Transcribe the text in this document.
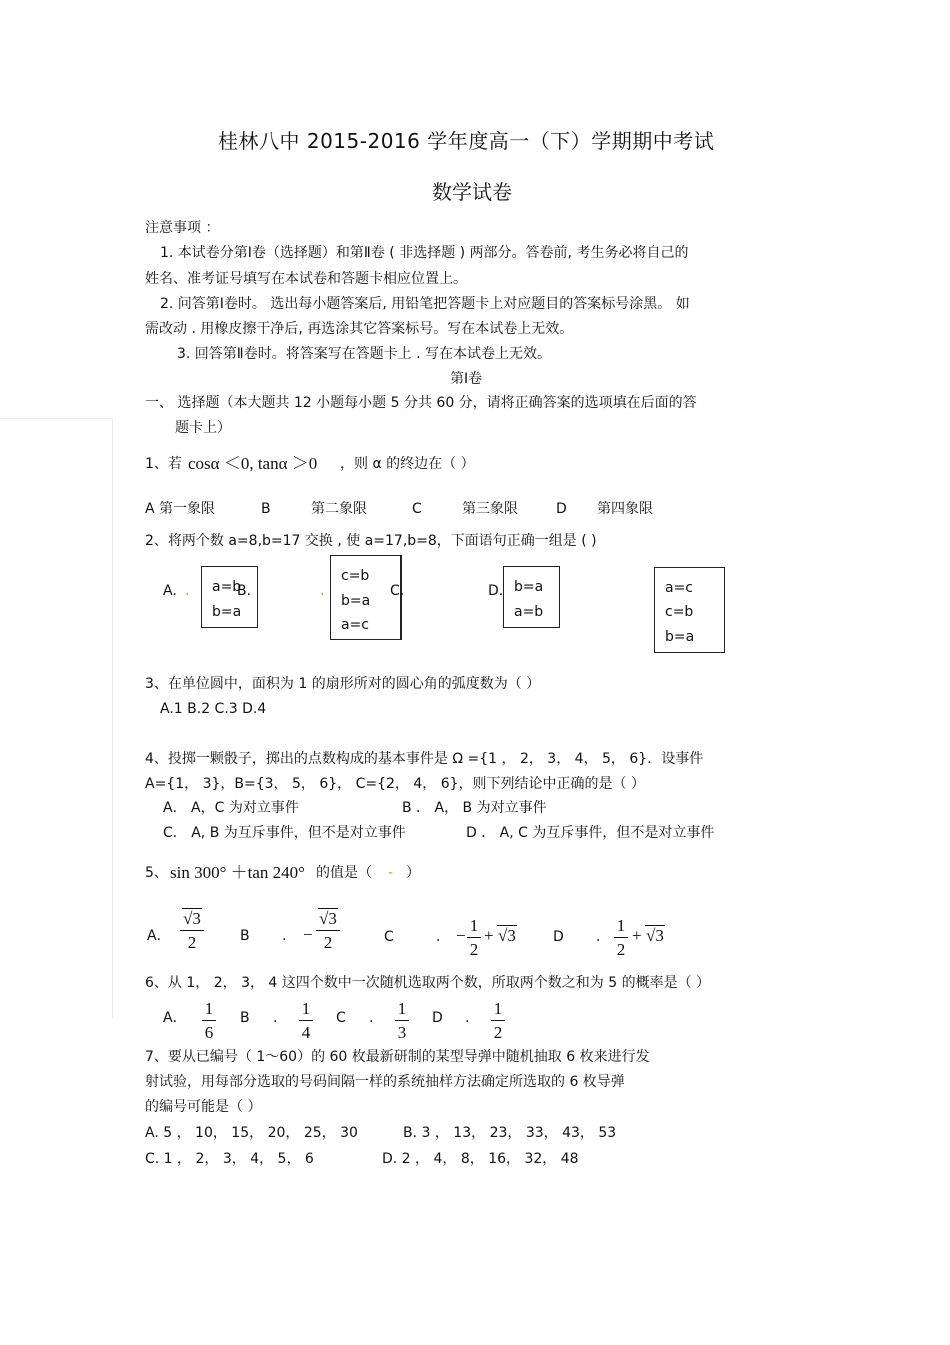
桂林八中 2015-2016 学年度高一（下）学期期中考试
数学试卷
注意事项 ：
1. 本试卷分第Ⅰ卷（选择题）和第Ⅱ卷 ( 非选择题 ) 两部分。答卷前, 考生务必将自己的
姓名、准考证号填写在本试卷和答题卡相应位置上。
2. 问答第Ⅰ卷时。 选出每小题答案后, 用铅笔把答题卡上对应题目的答案标号涂黑。 如
需改动 . 用橡皮擦干净后, 再选涂其它答案标号。写在本试卷上无效。
3. 回答第Ⅱ卷时。将答案写在答题卡上 . 写在本试卷上无效。
第Ⅰ卷
一、 选择题（本大题共 12 小题每小题 5 分共 60 分，请将正确答案的选项填在后面的答
题卡上）
1、若 cosα ＜0, tanα ＞0 ，则 α 的终边在（ ）
A 第一象限	B	第二象限	C	第三象限	D 第四象限
2、将两个数 a=8,b=17 交换 , 使 a=17,b=8，下面语句正确一组是 ( )
A. . a=b
b=a
B.	.
c=b
b=a
a=c
C.	D. b=a
a=b
a=c
c=b
b=a
3、在单位圆中，面积为 1 的扇形所对的圆心角的弧度数为（ ）
A.1 B.2 C.3 D.4
4、投掷一颗骰子，掷出的点数构成的基本事件是 Ω ={1 ， 2， 3， 4， 5， 6}．设事件
A={1， 3}，B={3， 5， 6}， C={2， 4， 6}，则下列结论中正确的是（ ）
A． A，C 为对立事件	B ． A， B 为对立事件
C． A, B 为互斥事件，但不是对立事件	D ． A, C 为互斥事件，但不是对立事件
5、 sin 300° ＋tan 240° 的值是（ - ）
A．
√3
2	B . −
√3
2	C	. −
1
2
+ √3	D .
1
2
+ √3
6、从 1， 2， 3， 4 这四个数中一次随机选取两个数，所取两个数之和为 5 的概率是（ ）
A． 1
6
B . 1
4
C . 1
3
D . 1
2
7、要从已编号（ 1～60）的 60 枚最新研制的某型导弹中随机抽取 6 枚来进行发
射试验，用每部分选取的号码间隔一样的系统抽样方法确定所选取的 6 枚导弹
的编号可能是（ ）
A. 5 ， 10， 15， 20， 25， 30	B. 3 ， 13， 23， 33， 43， 53
C. 1 ， 2， 3， 4， 5， 6	D. 2 ， 4， 8， 16， 32， 48
